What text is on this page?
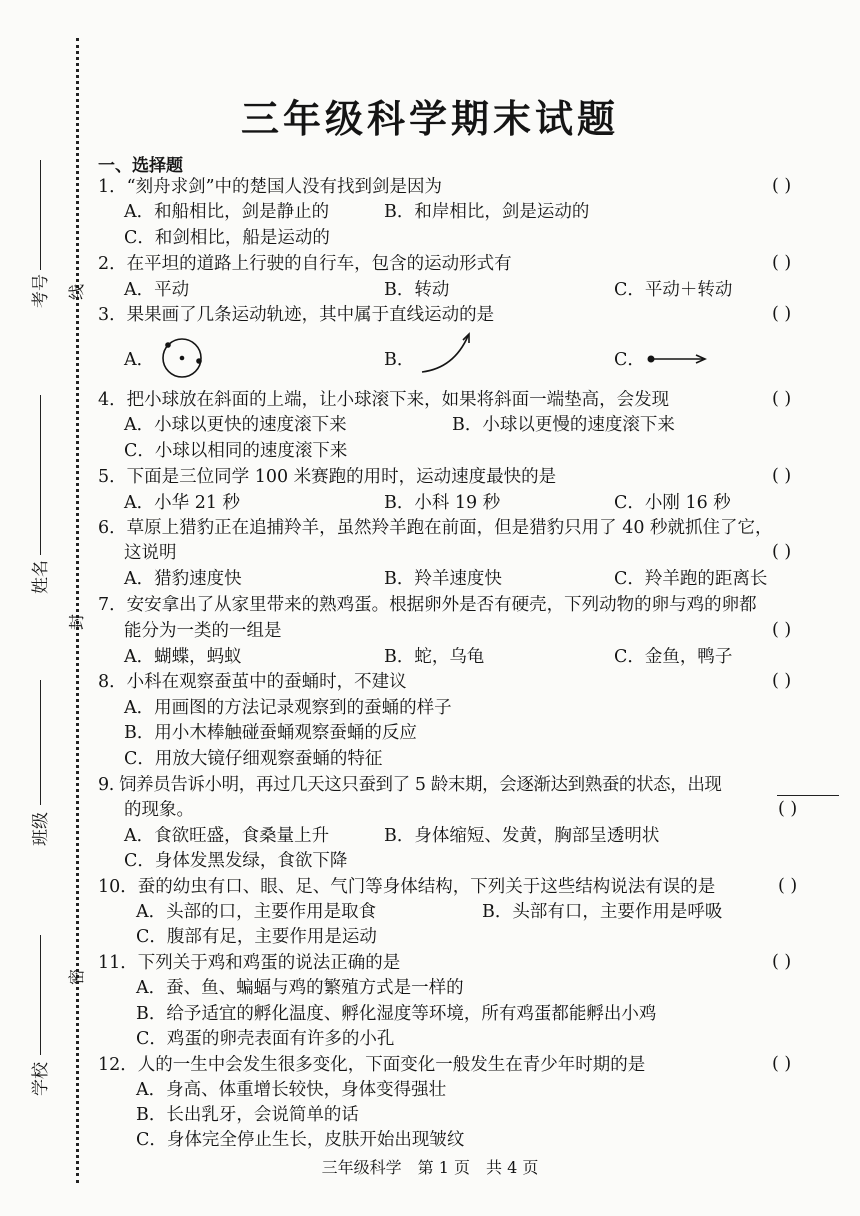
考号
姓名
班级
学校
线
封
密
三年级科学期末试题
一、选择题
1．“刻舟求剑”中的楚国人没有找到剑是因为	( )
A．和船相比，剑是静止的	B．和岸相比，剑是运动的
C．和剑相比，船是运动的
2．在平坦的道路上行驶的自行车，包含的运动形式有	( )
A．平动	B．转动	C．平动＋转动
3．果果画了几条运动轨迹，其中属于直线运动的是	( )
A．	B．	C．
4．把小球放在斜面的上端，让小球滚下来，如果将斜面一端垫高，会发现	( )
A．小球以更快的速度滚下来	B．小球以更慢的速度滚下来
C．小球以相同的速度滚下来
5．下面是三位同学 100 米赛跑的用时，运动速度最快的是	( )
A．小华 21 秒	B．小科 19 秒	C．小刚 16 秒
6．草原上猎豹正在追捕羚羊，虽然羚羊跑在前面，但是猎豹只用了 40 秒就抓住了它，
这说明	( )
A．猎豹速度快	B．羚羊速度快	C．羚羊跑的距离长
7．安安拿出了从家里带来的熟鸡蛋。根据卵外是否有硬壳，下列动物的卵与鸡的卵都
能分为一类的一组是	( )
A．蝴蝶，蚂蚁	B．蛇，乌龟	C．金鱼，鸭子
8．小科在观察蚕茧中的蚕蛹时，不建议	( )
A．用画图的方法记录观察到的蚕蛹的样子
B．用小木棒触碰蚕蛹观察蚕蛹的反应
C．用放大镜仔细观察蚕蛹的特征
9. 饲养员告诉小明，再过几天这只蚕到了 5 龄末期，会逐渐达到熟蚕的状态，出现
的现象。	( )
A．食欲旺盛，食桑量上升	B．身体缩短、发黄，胸部呈透明状
C．身体发黑发绿，食欲下降
10．蚕的幼虫有口、眼、足、气门等身体结构，下列关于这些结构说法有误的是	( )
A．头部的口，主要作用是取食	B．头部有口，主要作用是呼吸
C．腹部有足，主要作用是运动
11．下列关于鸡和鸡蛋的说法正确的是	( )
A．蚕、鱼、蝙蝠与鸡的繁殖方式是一样的
B．给予适宜的孵化温度、孵化湿度等环境，所有鸡蛋都能孵出小鸡
C．鸡蛋的卵壳表面有许多的小孔
12．人的一生中会发生很多变化，下面变化一般发生在青少年时期的是	( )
A．身高、体重增长较快，身体变得强壮
B．长出乳牙，会说简单的话
C．身体完全停止生长，皮肤开始出现皱纹
三年级科学　第 1 页　共 4 页
